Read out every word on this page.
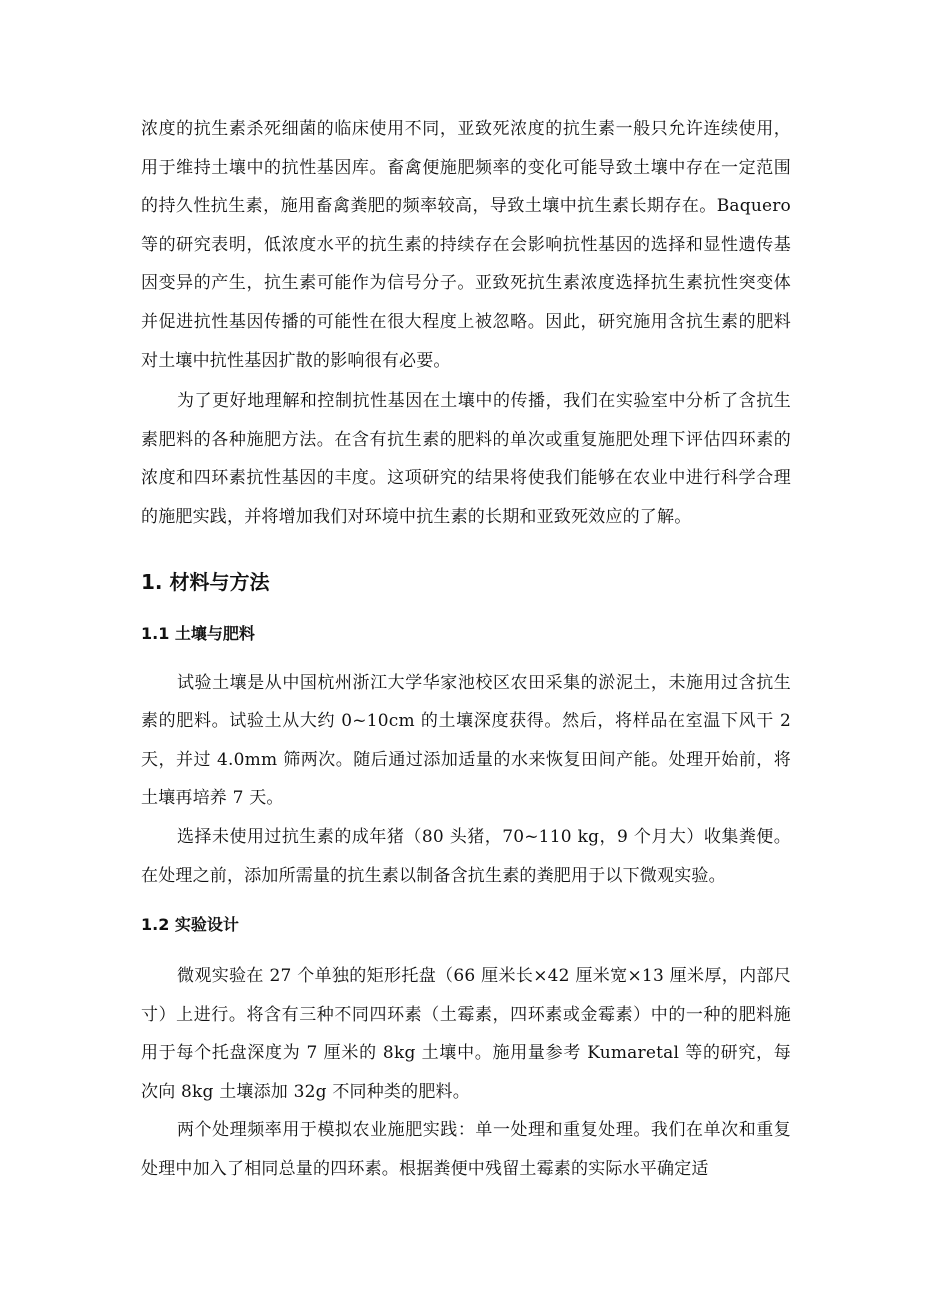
浓度的抗生素杀死细菌的临床使用不同，亚致死浓度的抗生素一般只允许连续使用，用于维持土壤中的抗性基因库。畜禽便施肥频率的变化可能导致土壤中存在一定范围的持久性抗生素，施用畜禽粪肥的频率较高，导致土壤中抗生素长期存在。Baquero 等的研究表明，低浓度水平的抗生素的持续存在会影响抗性基因的选择和显性遗传基因变异的产生，抗生素可能作为信号分子。亚致死抗生素浓度选择抗生素抗性突变体并促进抗性基因传播的可能性在很大程度上被忽略。因此，研究施用含抗生素的肥料对土壤中抗性基因扩散的影响很有必要。

为了更好地理解和控制抗性基因在土壤中的传播，我们在实验室中分析了含抗生素肥料的各种施肥方法。在含有抗生素的肥料的单次或重复施肥处理下评估四环素的浓度和四环素抗性基因的丰度。这项研究的结果将使我们能够在农业中进行科学合理的施肥实践，并将增加我们对环境中抗生素的长期和亚致死效应的了解。

1. 材料与方法
1.1 土壤与肥料

试验土壤是从中国杭州浙江大学华家池校区农田采集的淤泥土，未施用过含抗生素的肥料。试验土从大约 0~10cm 的土壤深度获得。然后，将样品在室温下风干 2 天，并过 4.0mm 筛两次。随后通过添加适量的水来恢复田间产能。处理开始前，将土壤再培养 7 天。

选择未使用过抗生素的成年猪（80 头猪，70~110 kg，9 个月大）收集粪便。在处理之前，添加所需量的抗生素以制备含抗生素的粪肥用于以下微观实验。

1.2 实验设计

微观实验在 27 个单独的矩形托盘（66 厘米长×42 厘米宽×13 厘米厚，内部尺寸）上进行。将含有三种不同四环素（土霉素，四环素或金霉素）中的一种的肥料施用于每个托盘深度为 7 厘米的 8kg 土壤中。施用量参考 Kumaretal 等的研究，每次向 8kg 土壤添加 32g 不同种类的肥料。

两个处理频率用于模拟农业施肥实践：单一处理和重复处理。我们在单次和重复处理中加入了相同总量的四环素。根据粪便中残留土霉素的实际水平确定适
